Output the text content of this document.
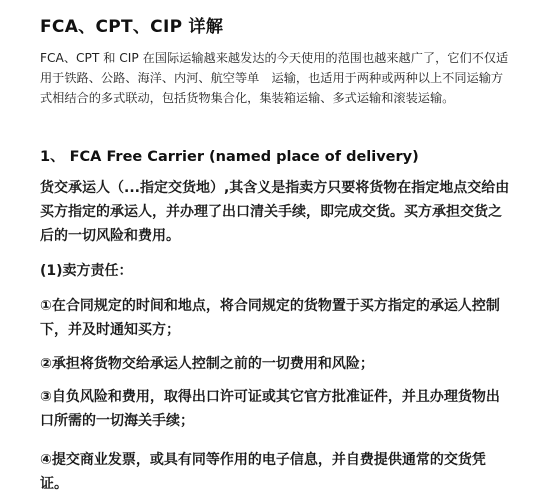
FCA、CPT、CIP 详解
FCA、CPT 和 CIP 在国际运输越来越发达的今天使用的范围也越来越广了，它们不仅适用于铁路、公路、海洋、内河、航空等单　运输，也适用于两种或两种以上不同运输方式相结合的多式联动，包括货物集合化，集装箱运输、多式运输和滚装运输。
1、 FCA Free Carrier (named place of delivery)
货交承运人（...指定交货地）,其含义是指卖方只要将货物在指定地点交给由买方指定的承运人，并办理了出口清关手续，即完成交货。买方承担交货之后的一切风险和费用。
(1)卖方责任：
①在合同规定的时间和地点，将合同规定的货物置于买方指定的承运人控制下，并及时通知买方；
②承担将货物交给承运人控制之前的一切费用和风险；
③自负风险和费用，取得出口许可证或其它官方批准证件，并且办理货物出口所需的一切海关手续；
④提交商业发票，或具有同等作用的电子信息，并自费提供通常的交货凭证。
